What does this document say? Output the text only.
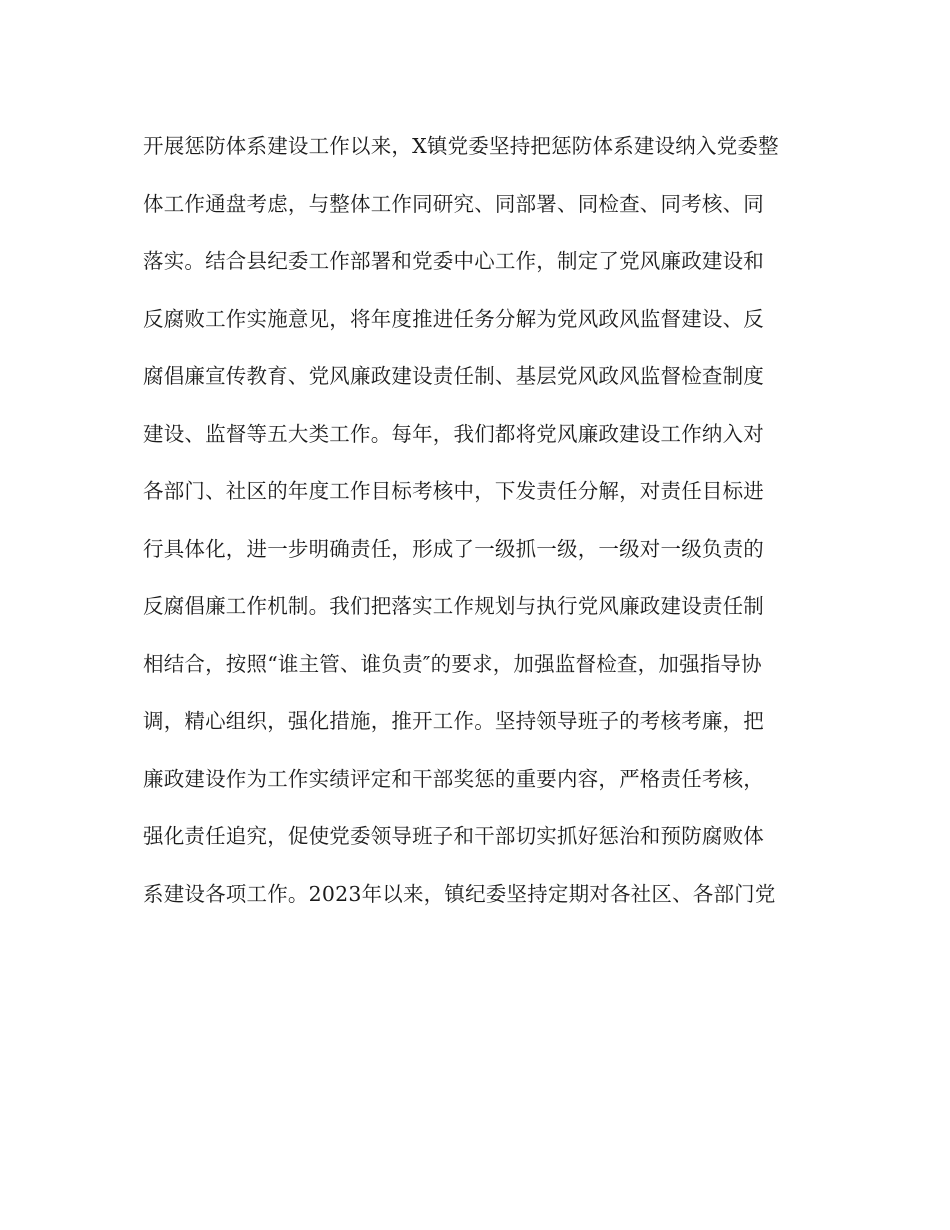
开展惩防体系建设工作以来，X镇党委坚持把惩防体系建设纳入党委整
体工作通盘考虑，与整体工作同研究、同部署、同检查、同考核、同
落实。结合县纪委工作部署和党委中心工作，制定了党风廉政建设和
反腐败工作实施意见，将年度推进任务分解为党风政风监督建设、反
腐倡廉宣传教育、党风廉政建设责任制、基层党风政风监督检查制度
建设、监督等五大类工作。每年，我们都将党风廉政建设工作纳入对
各部门、社区的年度工作目标考核中，下发责任分解，对责任目标进
行具体化，进一步明确责任，形成了一级抓一级，一级对一级负责的
反腐倡廉工作机制。我们把落实工作规划与执行党风廉政建设责任制
相结合，按照“谁主管、谁负责″的要求，加强监督检查，加强指导协
调，精心组织，强化措施，推开工作。坚持领导班子的考核考廉，把
廉政建设作为工作实绩评定和干部奖惩的重要内容，严格责任考核，
强化责任追究，促使党委领导班子和干部切实抓好惩治和预防腐败体
系建设各项工作。2023年以来，镇纪委坚持定期对各社区、各部门党
